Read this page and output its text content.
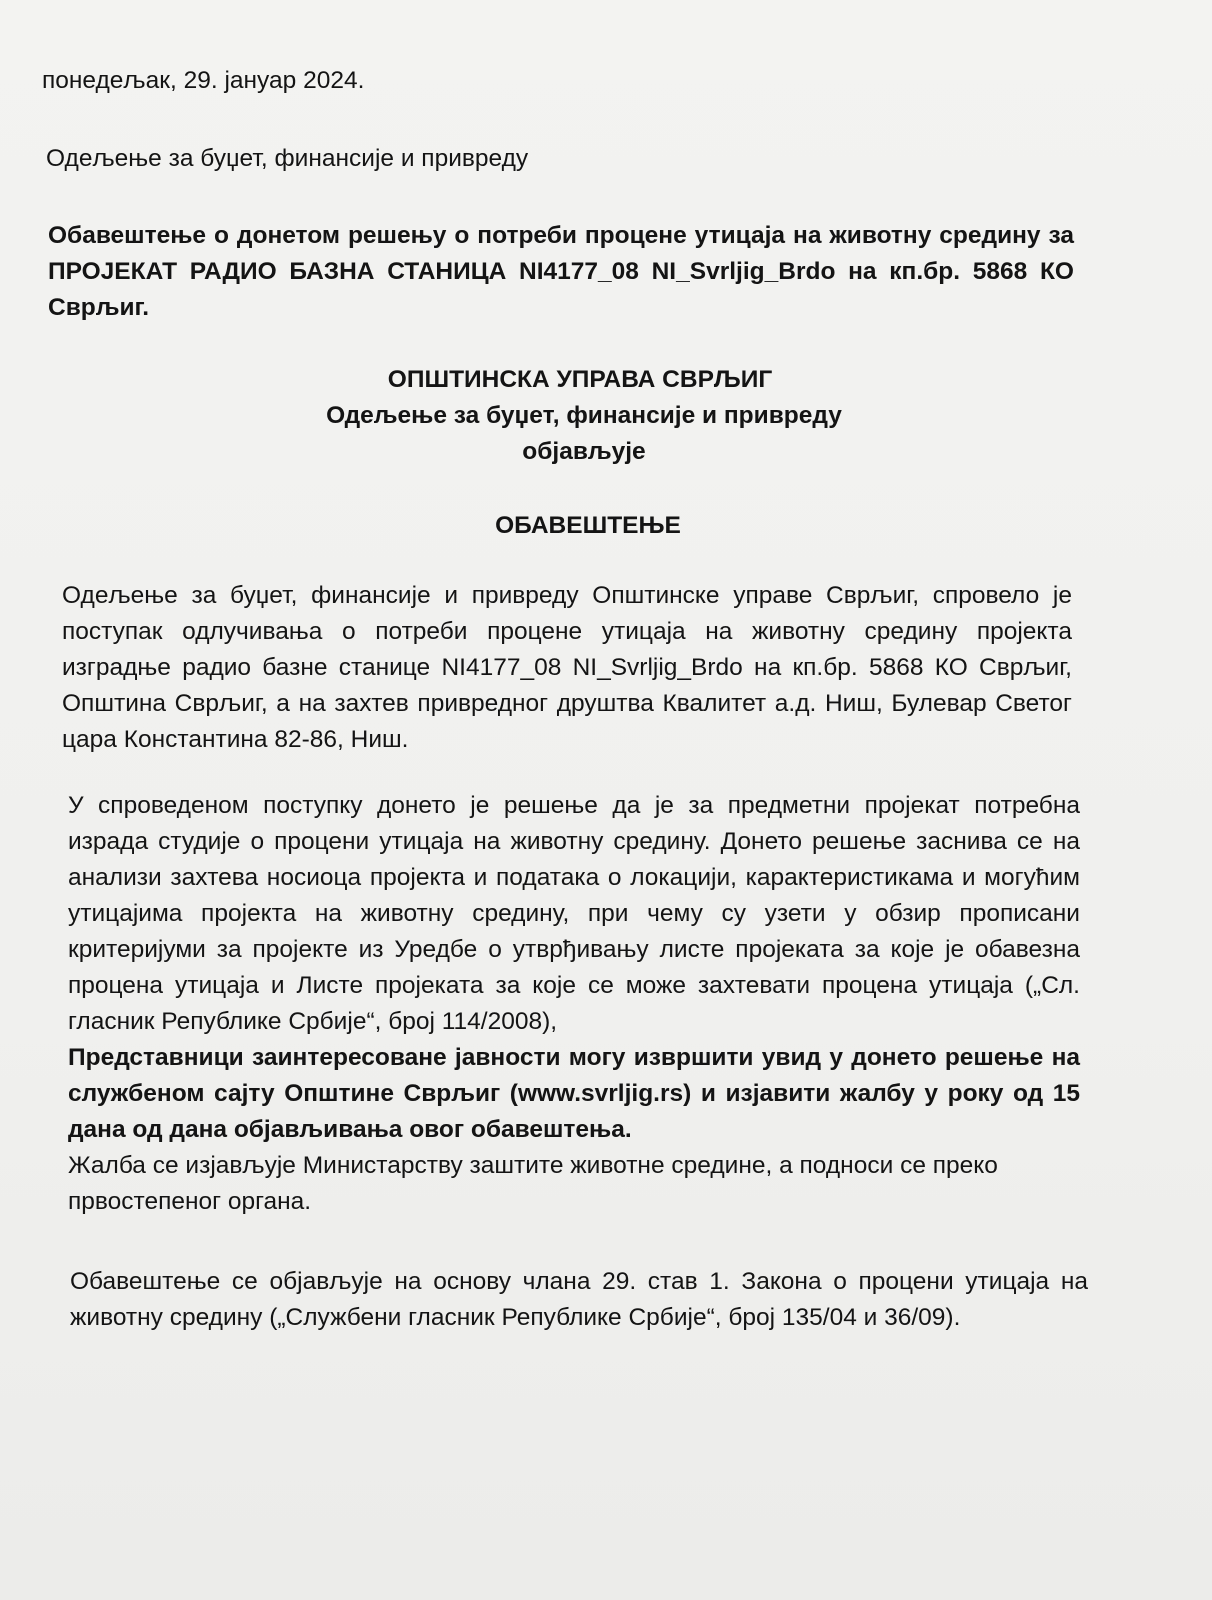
понедељак, 29. јануар 2024.
Одељење за буџет, финансије и привреду
Обавештење о донетом решењу о потреби процене утицаја на животну средину за ПРОЈЕКАТ РАДИО БАЗНА СТАНИЦА NI4177_08 NI_Svrljig_Brdo на кп.бр. 5868 КО Сврљиг.
ОПШТИНСКА УПРАВА СВРЉИГ
Одељење за буџет, финансије и привреду
објављује
ОБАВЕШТЕЊЕ
Одељење за буџет, финансије и привреду Општинске управе Сврљиг, спровело је поступак одлучивања о потреби процене утицаја на животну средину пројекта изградње радио базне станице NI4177_08 NI_Svrljig_Brdo на кп.бр. 5868 КО Сврљиг, Општина Сврљиг, а на захтев привредног друштва Квалитет а.д. Ниш, Булевар Светог цара Константина 82-86, Ниш.

У спроведеном поступку донето је решење да је за предметни пројекат потребна израда студије о процени утицаја на животну средину. Донето решење заснива се на анализи захтева носиоца пројекта и података о локацији, карактеристикама и могућим утицајима пројекта на животну средину, при чему су узети у обзир прописани критеријуми за пројекте из Уредбе о утврђивању листе пројеката за које је обавезна процена утицаја и Листе пројеката за које се може захтевати процена утицаја („Сл. гласник Републике Србије“, број 114/2008),

Представници заинтересоване јавности могу извршити увид у донето решење на службеном сајту Општине Сврљиг (www.svrljig.rs) и изјавити жалбу у року од 15 дана од дана објављивања овог обавештења.

Жалба се изјављује Министарству заштите животне средине, а подноси се преко првостепеног органа.

Обавештење се објављује на основу члана 29. став 1. Закона о процени утицаја на животну средину („Службени гласник Републике Србије“, број 135/04 и 36/09).
